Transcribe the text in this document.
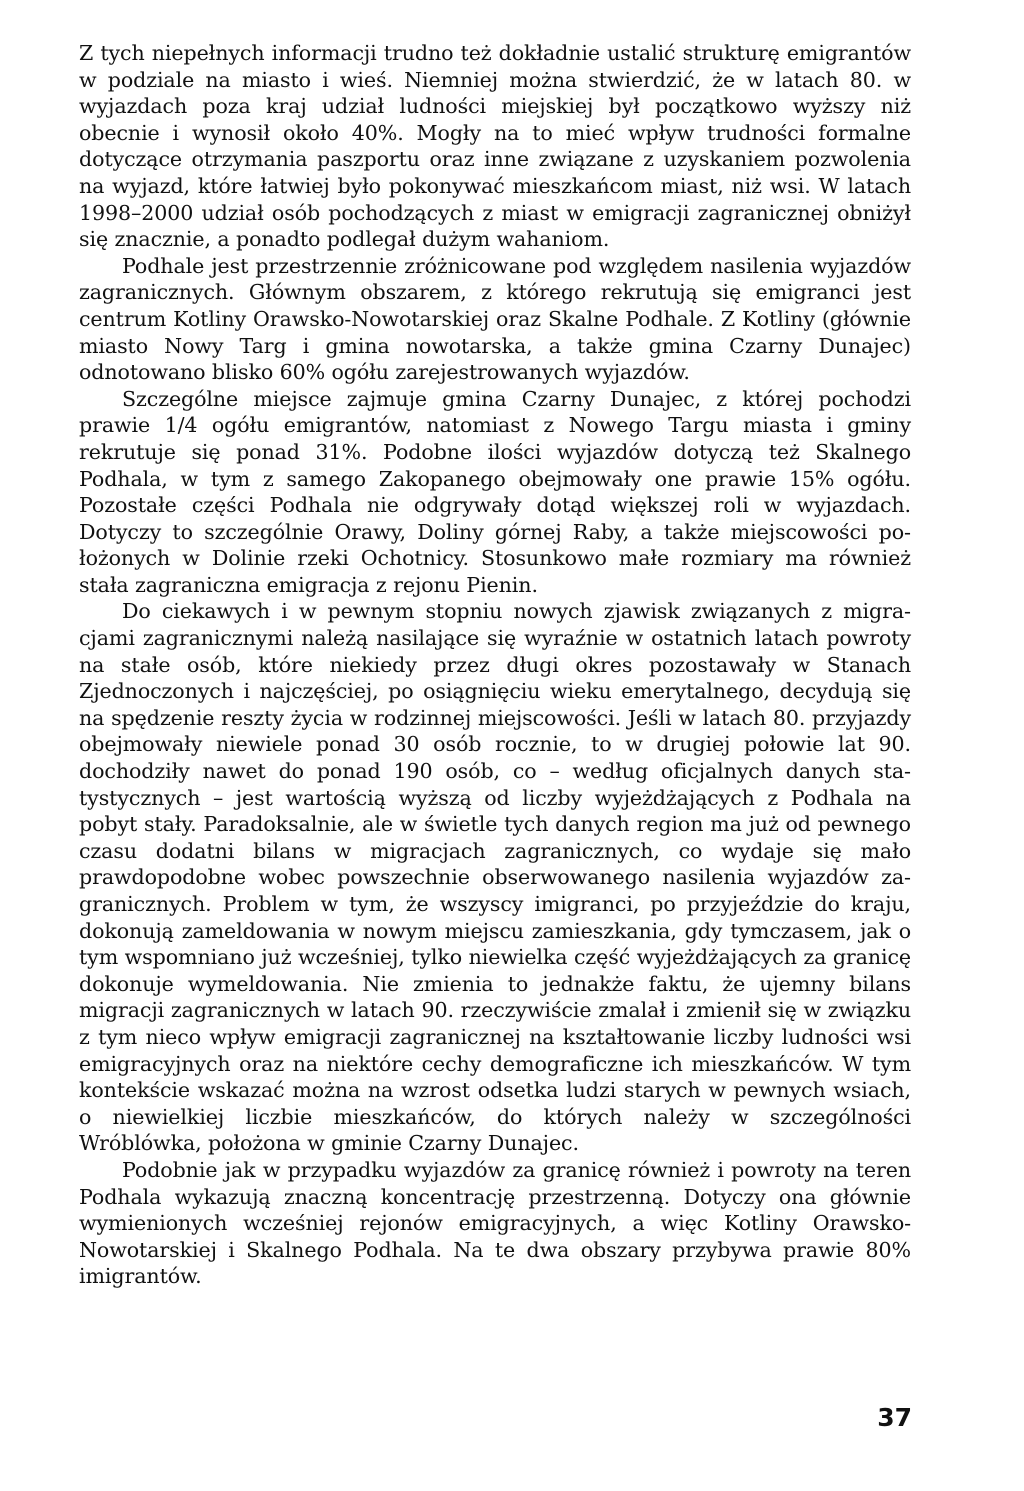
Z tych niepełnych informacji trudno też dokładnie ustalić strukturę emigrantów w podziale na miasto i wieś. Niemniej można stwierdzić, że w latach 80. w wyjazdach poza kraj udział ludności miejskiej był początkowo wyższy niż obecnie i wynosił około 40%. Mogły na to mieć wpływ trudności formalne dotyczące otrzymania paszportu oraz inne związane z uzyskaniem pozwolenia na wyjazd, które łatwiej było pokonywać mieszkańcom miast, niż wsi. W latach 1998–2000 udział osób pochodzących z miast w emigracji zagranicznej obniżył się znacznie, a ponadto podlegał dużym wahaniom.

Podhale jest przestrzennie zróżnicowane pod względem nasilenia wyjazdów zagranicznych. Głównym obszarem, z którego rekrutują się emigranci jest centrum Kotliny Orawsko-Nowotarskiej oraz Skalne Podhale. Z Kotliny (głównie miasto Nowy Targ i gmina nowotarska, a także gmina Czarny Dunajec) odnotowano blisko 60% ogółu zarejestrowanych wyjazdów.

Szczególne miejsce zajmuje gmina Czarny Dunajec, z której pochodzi prawie 1/4 ogółu emigrantów, natomiast z Nowego Targu miasta i gminy rekrutuje się ponad 31%. Podobne ilości wyjazdów dotyczą też Skalnego Podhala, w tym z samego Zakopanego obejmowały one prawie 15% ogółu. Pozostałe części Podhala nie odgrywały dotąd większej roli w wyjazdach. Dotyczy to szczególnie Orawy, Doliny górnej Raby, a także miejscowości położonych w Dolinie rzeki Ochotnicy. Stosunkowo małe rozmiary ma również stała zagraniczna emigracja z rejonu Pienin.

Do ciekawych i w pewnym stopniu nowych zjawisk związanych z migracjami zagranicznymi należą nasilające się wyraźnie w ostatnich latach powroty na stałe osób, które niekiedy przez długi okres pozostawały w Stanach Zjednoczonych i najczęściej, po osiągnięciu wieku emerytalnego, decydują się na spędzenie reszty życia w rodzinnej miejscowości. Jeśli w latach 80. przyjazdy obejmowały niewiele ponad 30 osób rocznie, to w drugiej połowie lat 90. dochodziły nawet do ponad 190 osób, co – według oficjalnych danych statystycznych – jest wartością wyższą od liczby wyjeżdżających z Podhala na pobyt stały. Paradoksalnie, ale w świetle tych danych region ma już od pewnego czasu dodatni bilans w migracjach zagranicznych, co wydaje się mało prawdopodobne wobec powszechnie obserwowanego nasilenia wyjazdów zagranicznych. Problem w tym, że wszyscy imigranci, po przyjeździe do kraju, dokonują zameldowania w nowym miejscu zamieszkania, gdy tymczasem, jak o tym wspomniano już wcześniej, tylko niewielka część wyjeżdżających za granicę dokonuje wymeldowania. Nie zmienia to jednakże faktu, że ujemny bilans migracji zagranicznych w latach 90. rzeczywiście zmalał i zmienił się w związku z tym nieco wpływ emigracji zagranicznej na kształtowanie liczby ludności wsi emigracyjnych oraz na niektóre cechy demograficzne ich mieszkańców. W tym kontekście wskazać można na wzrost odsetka ludzi starych w pewnych wsiach, o niewielkiej liczbie mieszkańców, do których należy w szczególności Wróblówka, położona w gminie Czarny Dunajec.

Podobnie jak w przypadku wyjazdów za granicę również i powroty na teren Podhala wykazują znaczną koncentrację przestrzenną. Dotyczy ona głównie wymienionych wcześniej rejonów emigracyjnych, a więc Kotliny Orawsko-Nowotarskiej i Skalnego Podhala. Na te dwa obszary przybywa prawie 80% imigrantów.

37
